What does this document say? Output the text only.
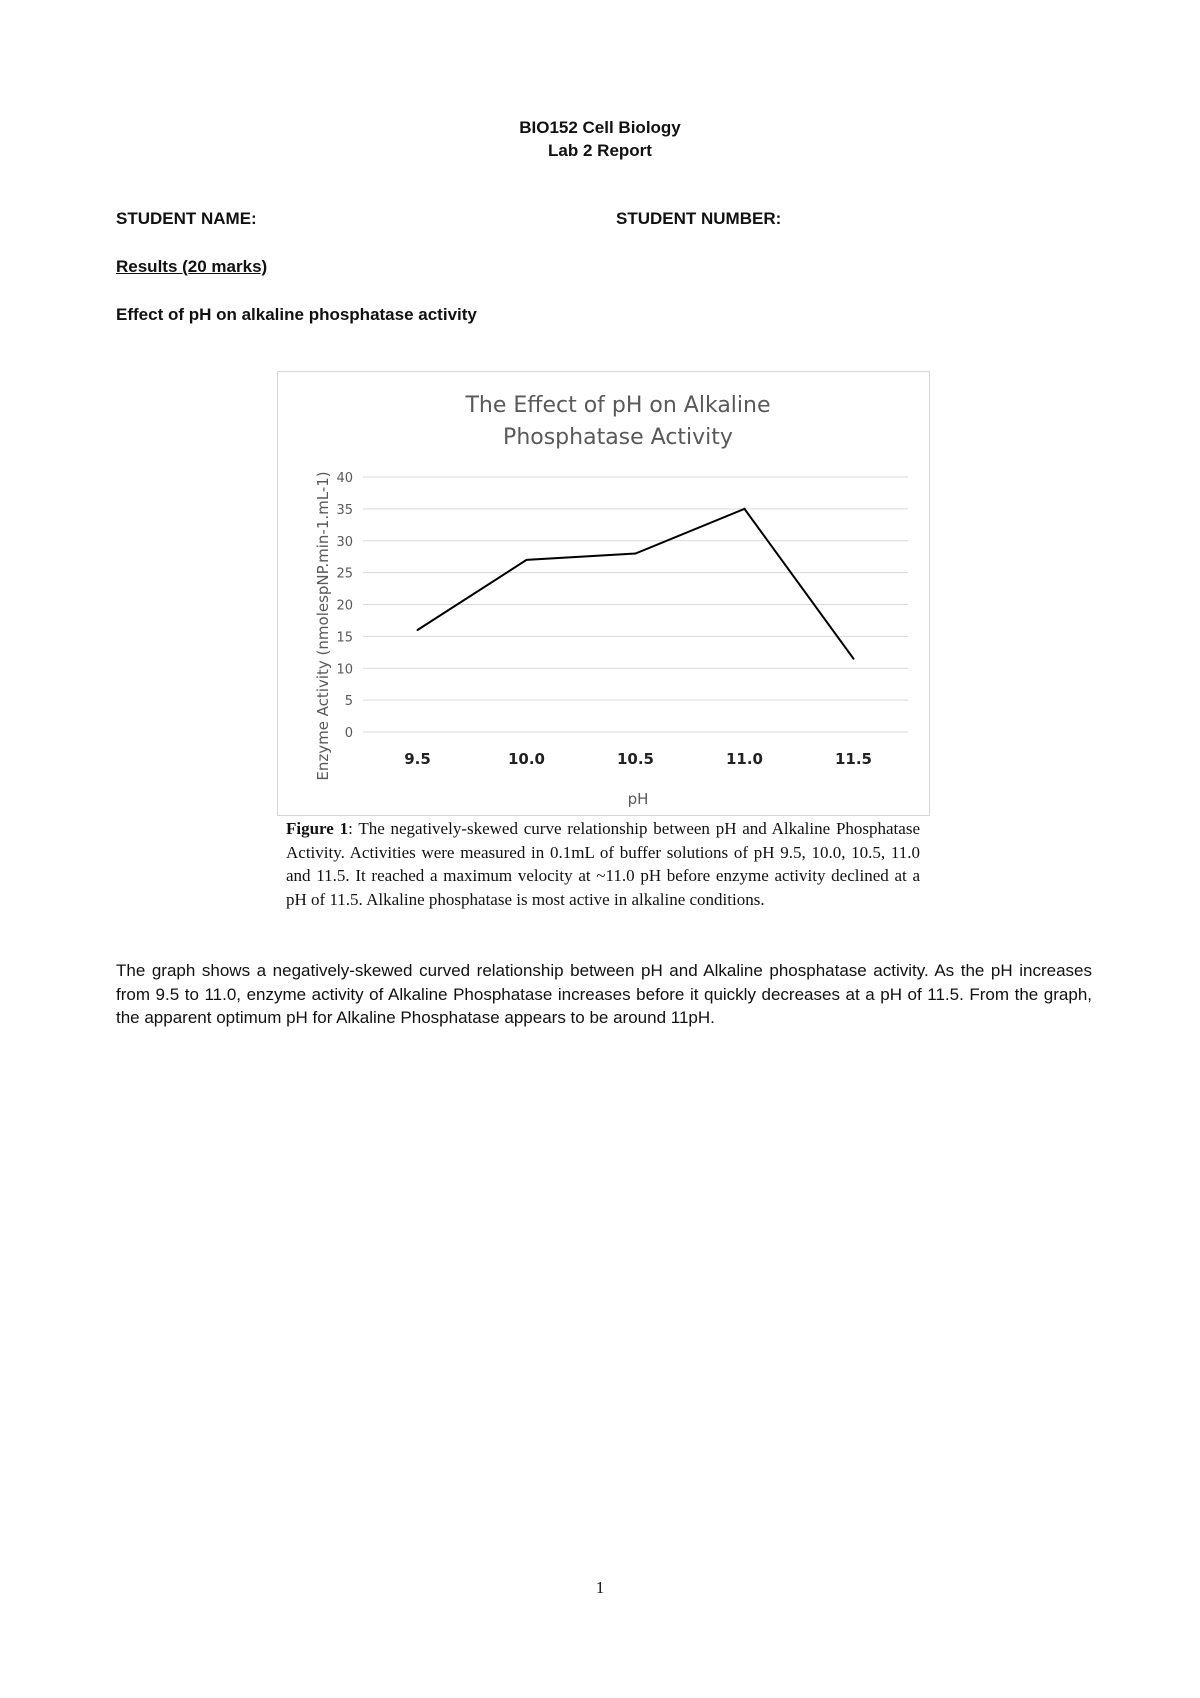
BIO152 Cell Biology
Lab 2 Report
STUDENT NAME:	STUDENT NUMBER:
Results (20 marks)
Effect of pH on alkaline phosphatase activity
0
5
10
15
20
25
30
35
40
9.5	10.0	10.5	11.0	11.5
The Effect of pH on Alkaline
Phosphatase Activity
Enzyme Activity (nmolespNP.min-1.mL-1)
pH
Figure 1: The negatively-skewed curve relationship between pH and Alkaline Phosphatase Activity. Activities were measured in 0.1mL of buffer solutions of pH 9.5, 10.0, 10.5, 11.0 and 11.5. It reached a maximum velocity at ~11.0 pH before enzyme activity declined at a pH of 11.5. Alkaline phosphatase is most active in alkaline conditions.
The graph shows a negatively-skewed curved relationship between pH and Alkaline phosphatase activity. As the pH increases from 9.5 to 11.0, enzyme activity of Alkaline Phosphatase increases before it quickly decreases at a pH of 11.5. From the graph, the apparent optimum pH for Alkaline Phosphatase appears to be around 11pH.
1
